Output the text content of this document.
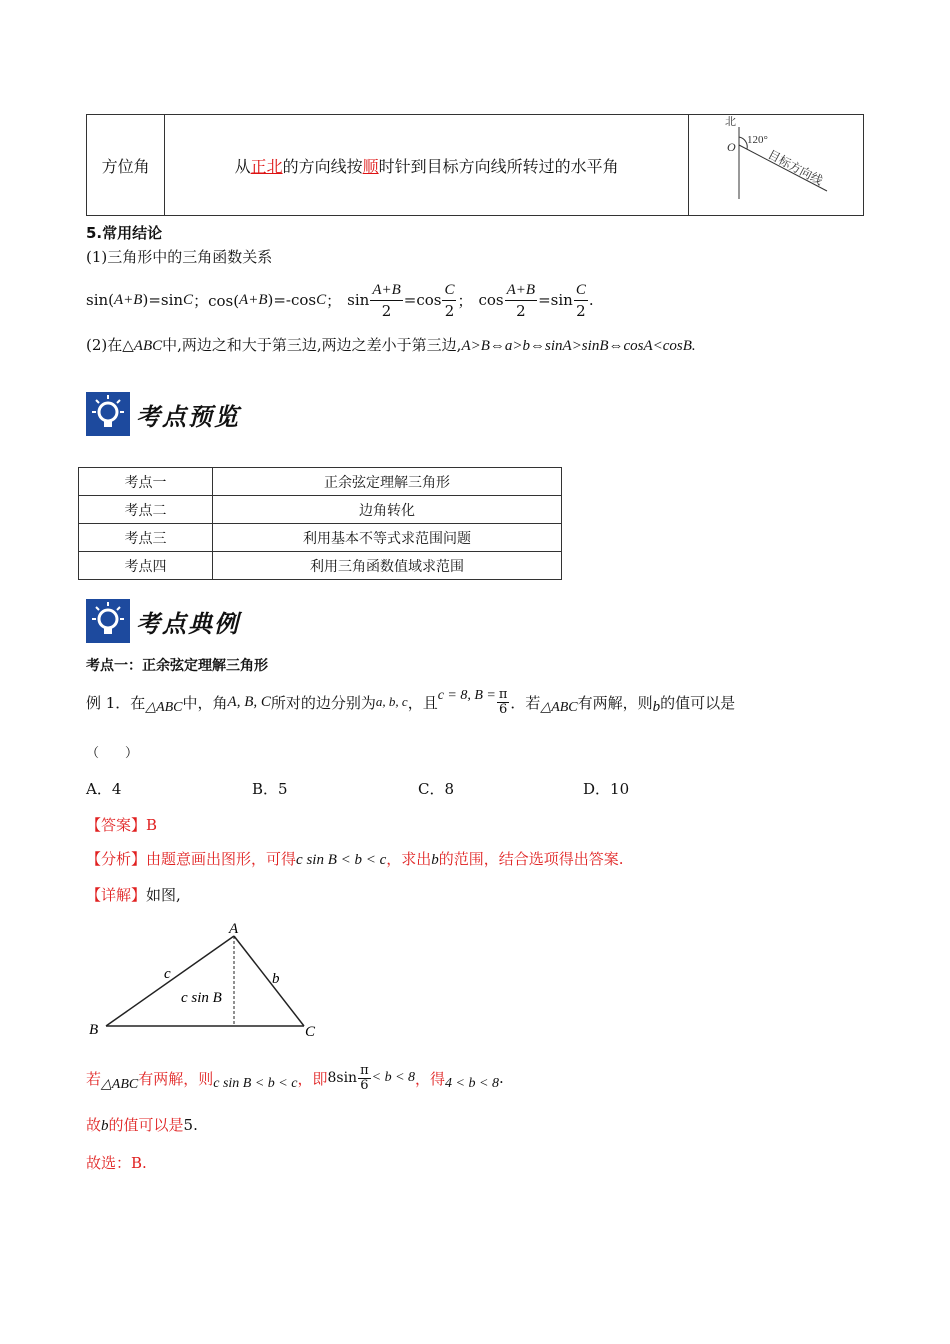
方位角	从正北的方向线按顺时针到目标方向线所转过的水平角	
北
120°
O
目标方向线
5.常用结论
(1)三角形中的三角函数关系
sin( A+B )=sin C ；cos( A+B )=-cos C ； $\sin \frac{A+B}{2} =\cos \frac{C}{2}$ ； $\cos \frac{A+B}{2} =\sin \frac{C}{2}$ .
(2)在△ABC中,两边之和大于第三边,两边之差小于第三边,A>B⇔a>b⇔sinA>sinB⇔cosA<cosB.
考点预览
考点一	正余弦定理解三角形
考点二	边角转化
考点三	利用基本不等式求范围问题
考点四	利用三角函数值域求范围
考点典例
考点一：正余弦定理解三角形
例 1．在 △ABC 中，角 A, B, C 所对的边分别为 a, b, c ，且 c = 8, $B = \frac{\pi}{6}$ ．若 △ABC 有两解，则 b 的值可以是
（　　）
A．4	B．5	C．8	D．10
【答案】B
【分析】由题意画出图形，可得c sin B < b < c，求出b的范围，结合选项得出答案.
【详解】如图,
A
B	C
c	b
c sin B
若 △ABC 有两解，则 c sin B < b < c ，即 $8\sin \frac{\pi}{6} < b < 8$ ，得 4 < b < 8 .
故b的值可以是5.
故选：B.
